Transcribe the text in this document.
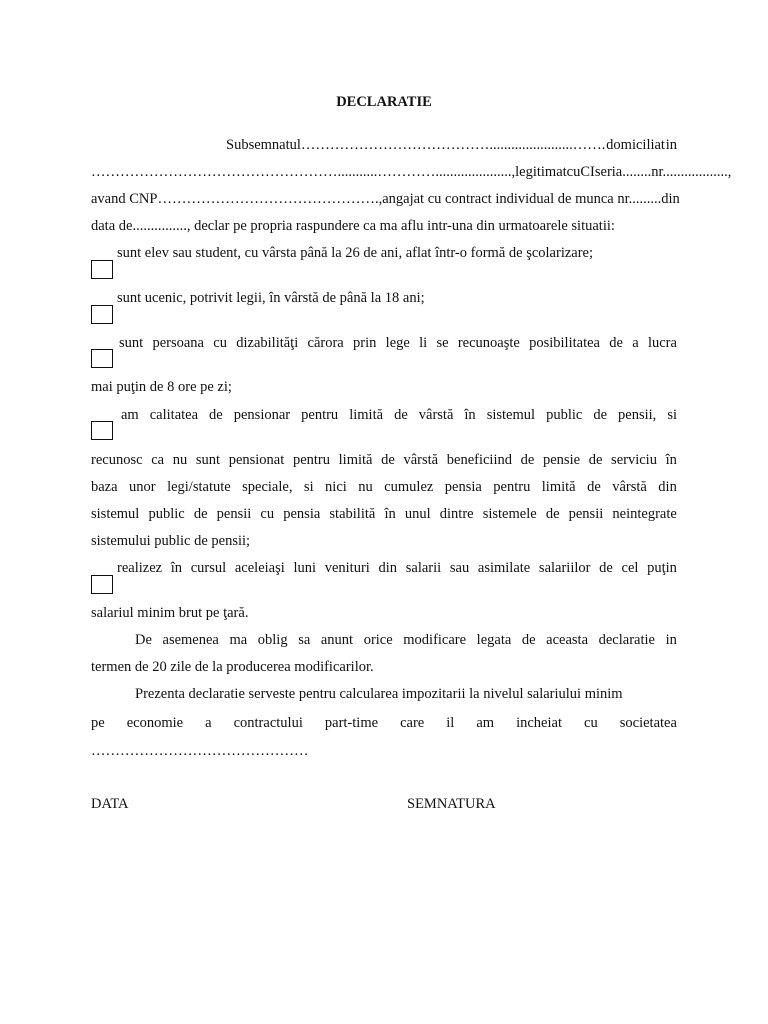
DECLARATIE
Subsemnatul………………………………….......................……. domiciliat in
……………………………………………...........…………....................., legitimat cu CI seria........nr..................,
avand CNP………………………………………., angajat cu contract individual de munca nr......... din
data de..............., declar pe propria raspundere ca ma aflu intr-una din urmatoarele situatii:
sunt elev sau student, cu vârsta până la 26 de ani, aflat într-o formă de şcolarizare;
sunt ucenic, potrivit legii, în vârstă de până la 18 ani;
sunt persoana cu dizabilităţi cărora prin lege li se recunoaşte posibilitatea de a lucra
mai puţin de 8 ore pe zi;
am calitatea de pensionar pentru limită de vârstă în sistemul public de pensii, si
recunosc ca nu sunt pensionat pentru limită de vârstă beneficiind de pensie de serviciu în
baza unor legi/statute speciale, si nici nu cumulez pensia pentru limită de vârstă din
sistemul public de pensii cu pensia stabilită în unul dintre sistemele de pensii neintegrate
sistemului public de pensii;
realizez în cursul aceleiaşi luni venituri din salarii sau asimilate salariilor de cel puţin
salariul minim brut pe ţară.
De asemenea ma oblig sa anunt orice modificare legata de aceasta declaratie in
termen de 20 zile de la producerea modificarilor.
Prezenta declaratie serveste pentru calcularea impozitarii la nivelul salariului minim
pe economie a contractului part-time care il am incheiat cu societatea
………………………………………
DATA	SEMNATURA
